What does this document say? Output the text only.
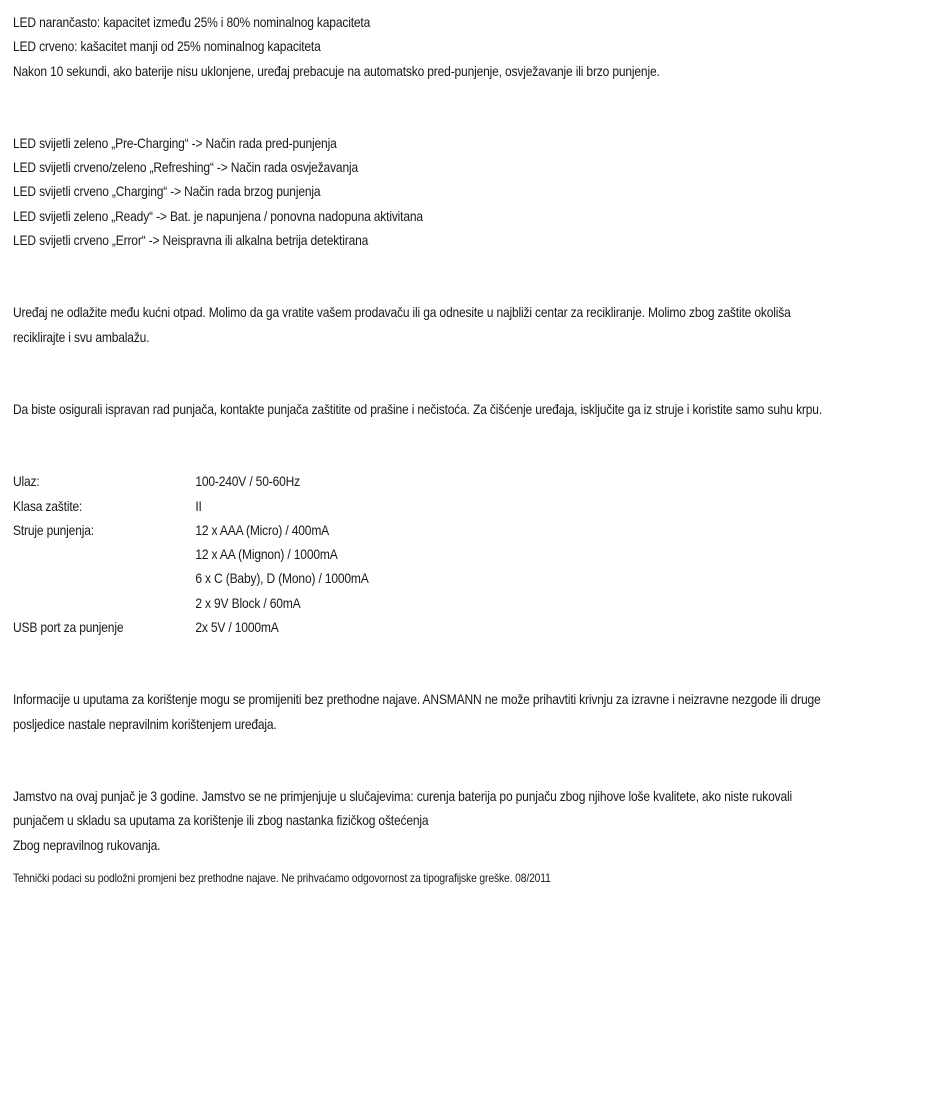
LED narančasto: kapacitet između 25% i 80% nominalnog kapaciteta
LED crveno: kašacitet manji od 25% nominalnog kapaciteta
Nakon 10 sekundi, ako baterije nisu uklonjene, uređaj prebacuje na automatsko pred-punjenje, osvježavanje ili brzo punjenje.
LED svijetli zeleno „Pre-Charging“ -> Način rada pred-punjenja
LED svijetli crveno/zeleno „Refreshing“ -> Način rada osvježavanja
LED svijetli crveno „Charging“ -> Način rada brzog punjenja
LED svijetli zeleno „Ready“ -> Bat. je napunjena / ponovna nadopuna aktivitana
LED svijetli crveno „Error“ -> Neispravna ili alkalna betrija detektirana
Uređaj ne odlažite među kućni otpad. Molimo da ga vratite vašem prodavaču ili ga odnesite u najbliži centar za recikliranje. Molimo zbog zaštite okoliša
reciklirajte i svu ambalažu.
Da biste osigurali ispravan rad punjača, kontakte punjača zaštitite od prašine i nečistoća. Za čišćenje uređaja, isključite ga iz struje i koristite samo suhu krpu.
Ulaz:	100-240V / 50-60Hz
Klasa zaštite:	II
Struje punjenja:	12 x AAA (Micro) / 400mA
12 x AA (Mignon) / 1000mA
6 x C (Baby), D (Mono) / 1000mA
2 x 9V Block / 60mA
USB port za punjenje	2x 5V / 1000mA
Informacije u uputama za korištenje mogu se promijeniti bez prethodne najave. ANSMANN ne može prihavtiti krivnju za izravne i neizravne nezgode ili druge
posljedice nastale nepravilnim korištenjem uređaja.
Jamstvo na ovaj punjač je 3 godine. Jamstvo se ne primjenjuje u slučajevima: curenja baterija po punjaču zbog njihove loše kvalitete, ako niste rukovali
punjačem u skladu sa uputama za korištenje ili zbog nastanka fizičkog oštećenja
Zbog nepravilnog rukovanja.
Tehnički podaci su podložni promjeni bez prethodne najave. Ne prihvaćamo odgovornost za tipografijske greške. 08/2011
